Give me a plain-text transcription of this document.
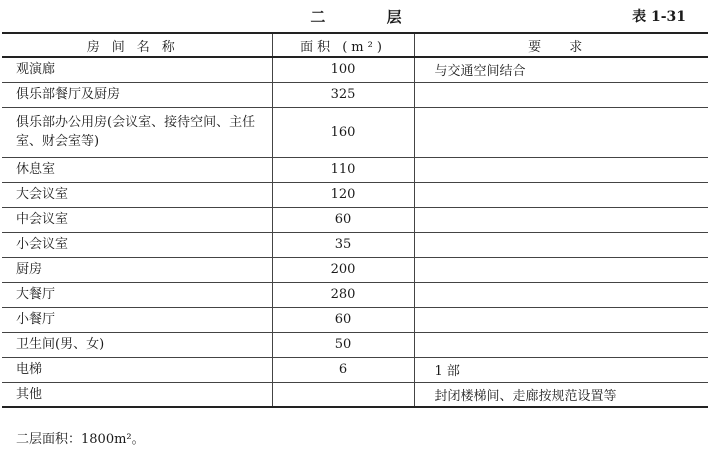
二 层	表 1-31
房间名称	面积 (m²)	要 求
观演廊	100	与交通空间结合
俱乐部餐厅及厨房	325	
俱乐部办公用房(会议室、接待空间、主任室、财会室等)	160	
休息室	110	
大会议室	120	
中会议室	60	
小会议室	35	
厨房	200	
大餐厅	280	
小餐厅	60	
卫生间(男、女)	50	
电梯	6	1 部
其他		封闭楼梯间、走廊按规范设置等
二层面积：1800m²。
